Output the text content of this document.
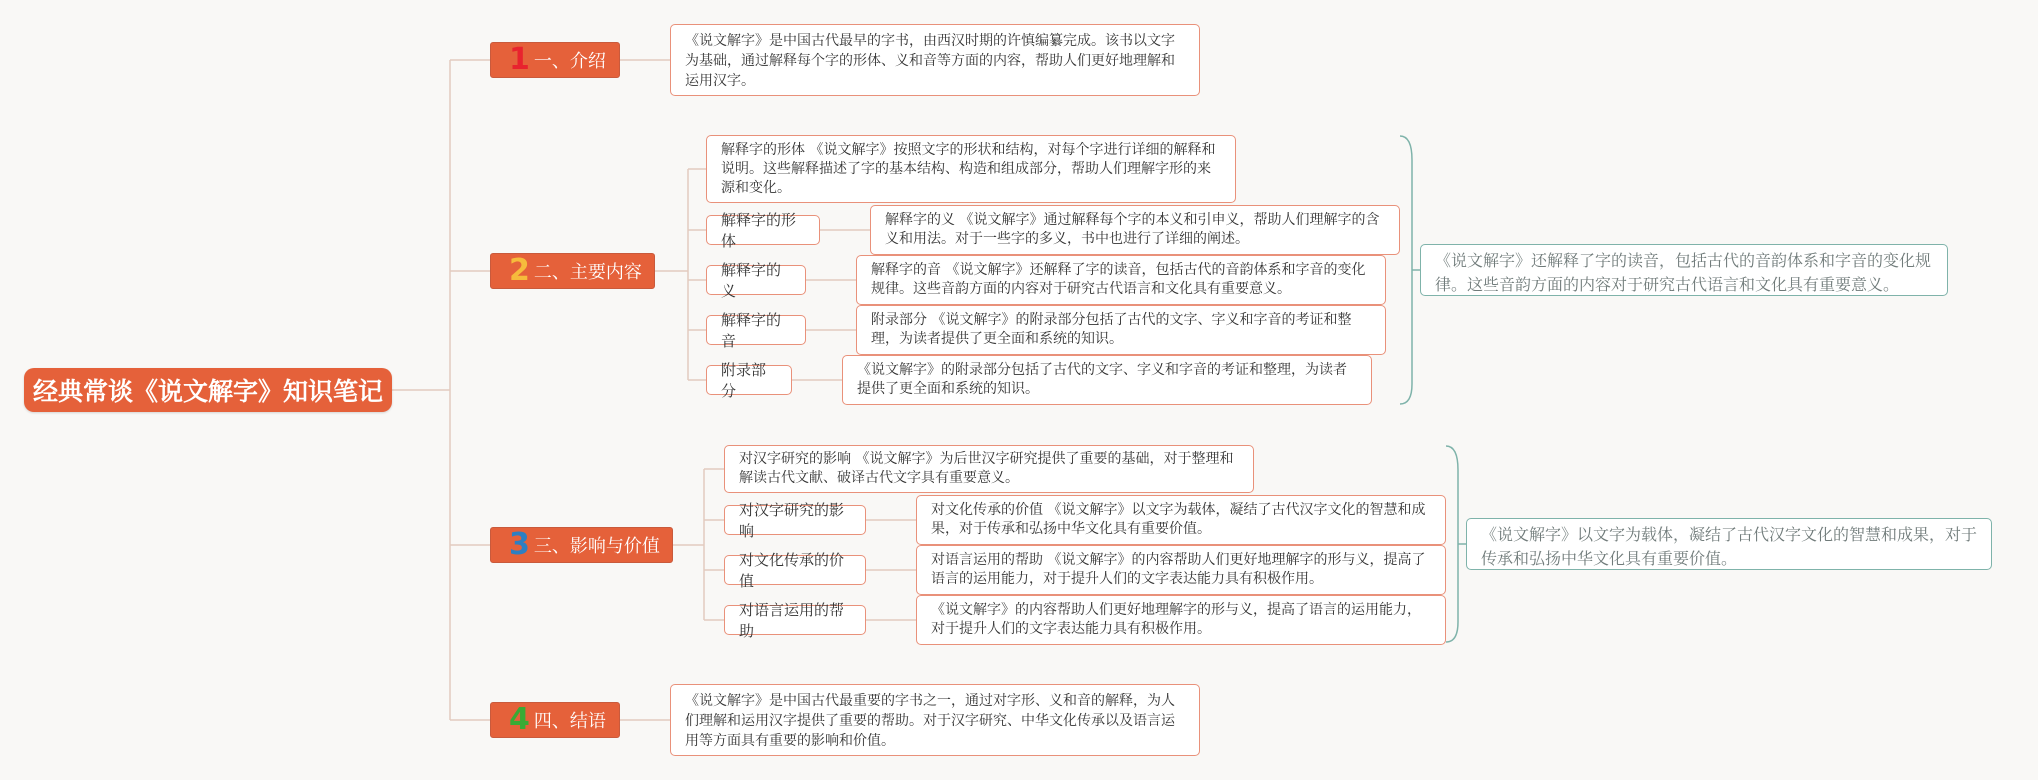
经典常谈《说文解字》知识笔记
1 一、介绍
《说文解字》是中国古代最早的字书，由西汉时期的许慎编纂完成。该书以文字为基础，通过解释每个字的形体、义和音等方面的内容，帮助人们更好地理解和运用汉字。
2 二、主要内容
解释字的形体 《说文解字》按照文字的形状和结构，对每个字进行详细的解释和说明。这些解释描述了字的基本结构、构造和组成部分，帮助人们理解字形的来源和变化。
解释字的形体
解释字的义 《说文解字》通过解释每个字的本义和引申义，帮助人们理解字的含义和用法。对于一些字的多义，书中也进行了详细的阐述。
解释字的义
解释字的音 《说文解字》还解释了字的读音，包括古代的音韵体系和字音的变化规律。这些音韵方面的内容对于研究古代语言和文化具有重要意义。
解释字的音
附录部分 《说文解字》的附录部分包括了古代的文字、字义和字音的考证和整理，为读者提供了更全面和系统的知识。
附录部分
《说文解字》的附录部分包括了古代的文字、字义和字音的考证和整理，为读者提供了更全面和系统的知识。
《说文解字》还解释了字的读音，包括古代的音韵体系和字音的变化规律。这些音韵方面的内容对于研究古代语言和文化具有重要意义。
3 三、影响与价值
对汉字研究的影响 《说文解字》为后世汉字研究提供了重要的基础，对于整理和解读古代文献、破译古代文字具有重要意义。
对汉字研究的影响
对文化传承的价值 《说文解字》以文字为载体，凝结了古代汉字文化的智慧和成果，对于传承和弘扬中华文化具有重要价值。
对文化传承的价值
对语言运用的帮助 《说文解字》的内容帮助人们更好地理解字的形与义，提高了语言的运用能力，对于提升人们的文字表达能力具有积极作用。
对语言运用的帮助
《说文解字》的内容帮助人们更好地理解字的形与义，提高了语言的运用能力，对于提升人们的文字表达能力具有积极作用。
《说文解字》以文字为载体，凝结了古代汉字文化的智慧和成果，对于传承和弘扬中华文化具有重要价值。
4 四、结语
《说文解字》是中国古代最重要的字书之一，通过对字形、义和音的解释，为人们理解和运用汉字提供了重要的帮助。对于汉字研究、中华文化传承以及语言运用等方面具有重要的影响和价值。
